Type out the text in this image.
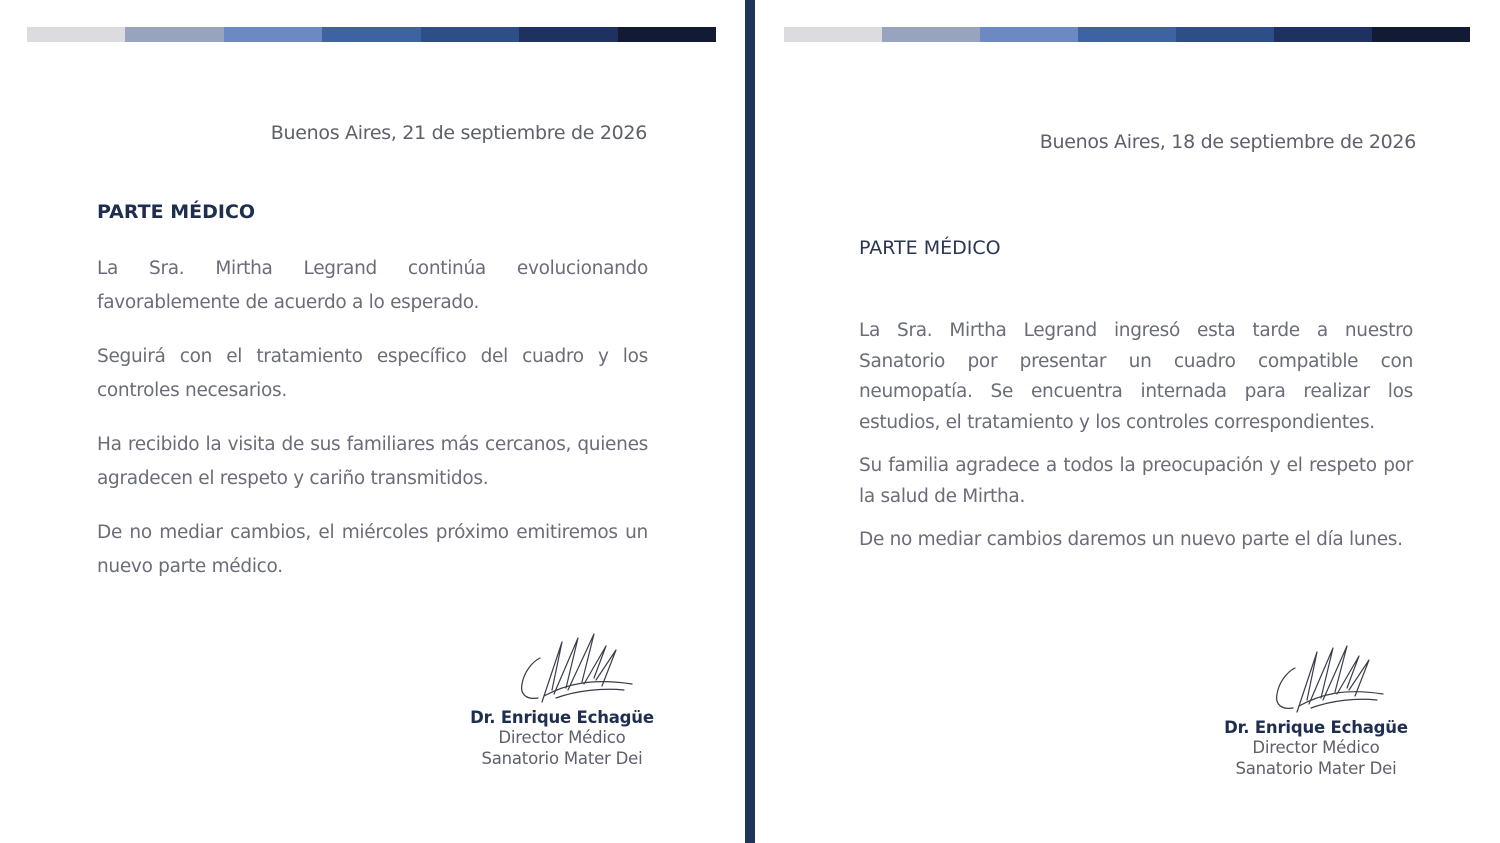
Buenos Aires, 21 de septiembre de 2026
PARTE MÉDICO

La Sra. Mirtha Legrand continúa evolucionando favorablemente de acuerdo a lo esperado.

Seguirá con el tratamiento específico del cuadro y los controles necesarios.

Ha recibido la visita de sus familiares más cercanos, quienes agradecen el respeto y cariño transmitidos.

De no mediar cambios, el miércoles próximo emitiremos un nuevo parte médico.

Dr. Enrique Echagüe
Director Médico
Sanatorio Mater Dei
Buenos Aires, 18 de septiembre de 2026
PARTE MÉDICO

La Sra. Mirtha Legrand ingresó esta tarde a nuestro Sanatorio por presentar un cuadro compatible con neumopatía. Se encuentra internada para realizar los estudios, el tratamiento y los controles correspondientes.

Su familia agradece a todos la preocupación y el respeto por la salud de Mirtha.

De no mediar cambios daremos un nuevo parte el día lunes.

Dr. Enrique Echagüe
Director Médico
Sanatorio Mater Dei
